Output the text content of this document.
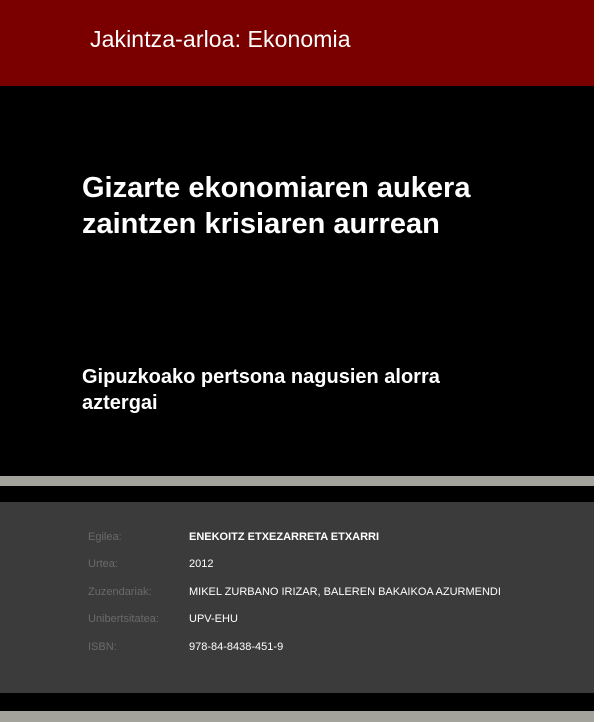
Jakintza-arloa: Ekonomia
Gizarte ekonomiaren aukera
zaintzen krisiaren aurrean
Gipuzkoako pertsona nagusien alorra
aztergai
Egilea:	ENEKOITZ ETXEZARRETA ETXARRI
Urtea:	2012
Zuzendariak:	MIKEL ZURBANO IRIZAR, BALEREN BAKAIKOA AZURMENDI
Unibertsitatea:	UPV-EHU
ISBN:	978-84-8438-451-9
